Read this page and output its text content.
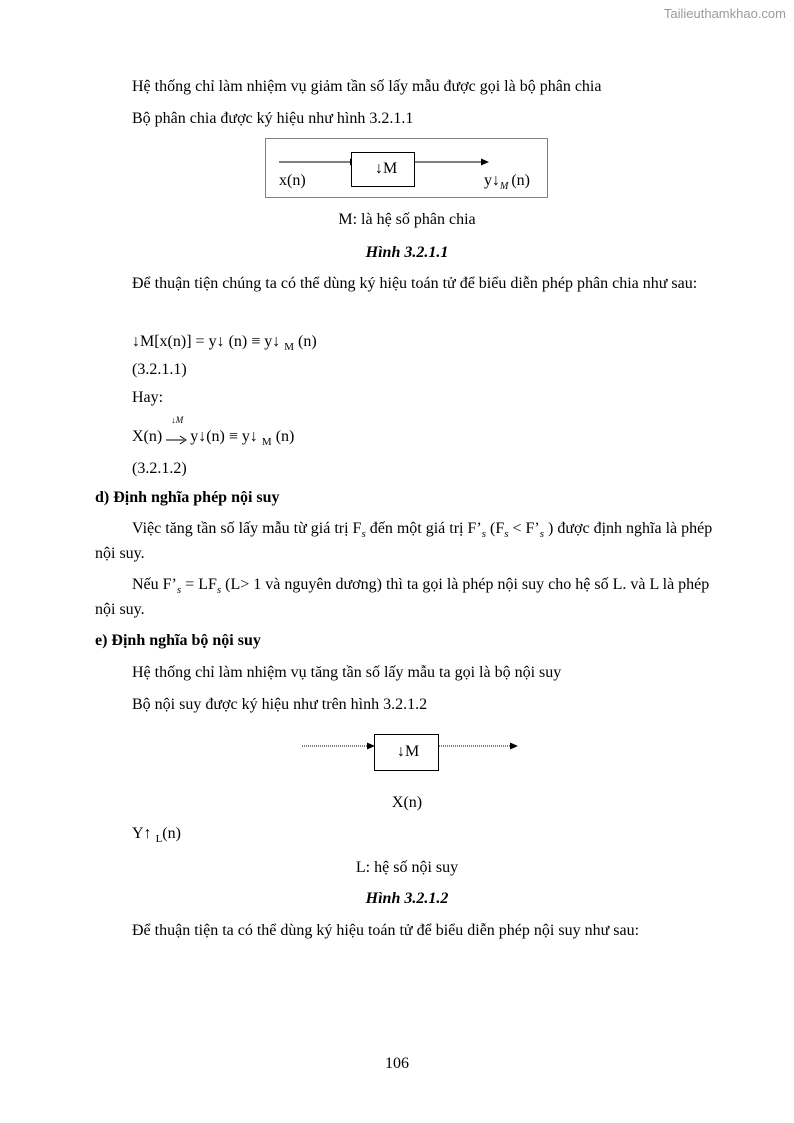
Tailieuthamkhao.com
Hệ thống chỉ làm nhiệm vụ giảm tần số lấy mẫu được gọi là bộ phân chia
Bộ phân chia được ký hiệu như hình 3.2.1.1
↓M
x(n)	$y↓_M$ (n)
M: là hệ số phân chia
Hình 3.2.1.1
Để thuận tiện chúng ta có thể dùng ký hiệu toán tử để biểu diễn phép phân chia như sau:
↓M[x(n)] = y↓ (n) ≡ y↓ $_M$ (n)
(3.2.1.1)
Hay:
X(n)
↓M
y↓(n) ≡ y↓ $_M$ (n)
(3.2.1.2)
d) Định nghĩa phép nội suy
Việc tăng tần số lấy mẫu từ giá trị $F_s$ đến một giá trị $F’_s$ ($F_s$ < $F’_s$ ) được định nghĩa là phép nội suy.
Nếu $F’_s = LF_s$ (L> 1 và nguyên dương) thì ta gọi là phép nội suy cho hệ số L. và L là phép nội suy.
e) Định nghĩa bộ nội suy
Hệ thống chỉ làm nhiệm vụ tăng tần số lấy mẫu ta gọi là bộ nội suy
Bộ nội suy được ký hiệu như trên hình 3.2.1.2
↓M
X(n)
Y↑ $_L$(n)
L: hệ số nội suy
Hình 3.2.1.2
Để thuận tiện ta có thể dùng ký hiệu toán tử để biểu diễn phép nội suy như sau:
106
